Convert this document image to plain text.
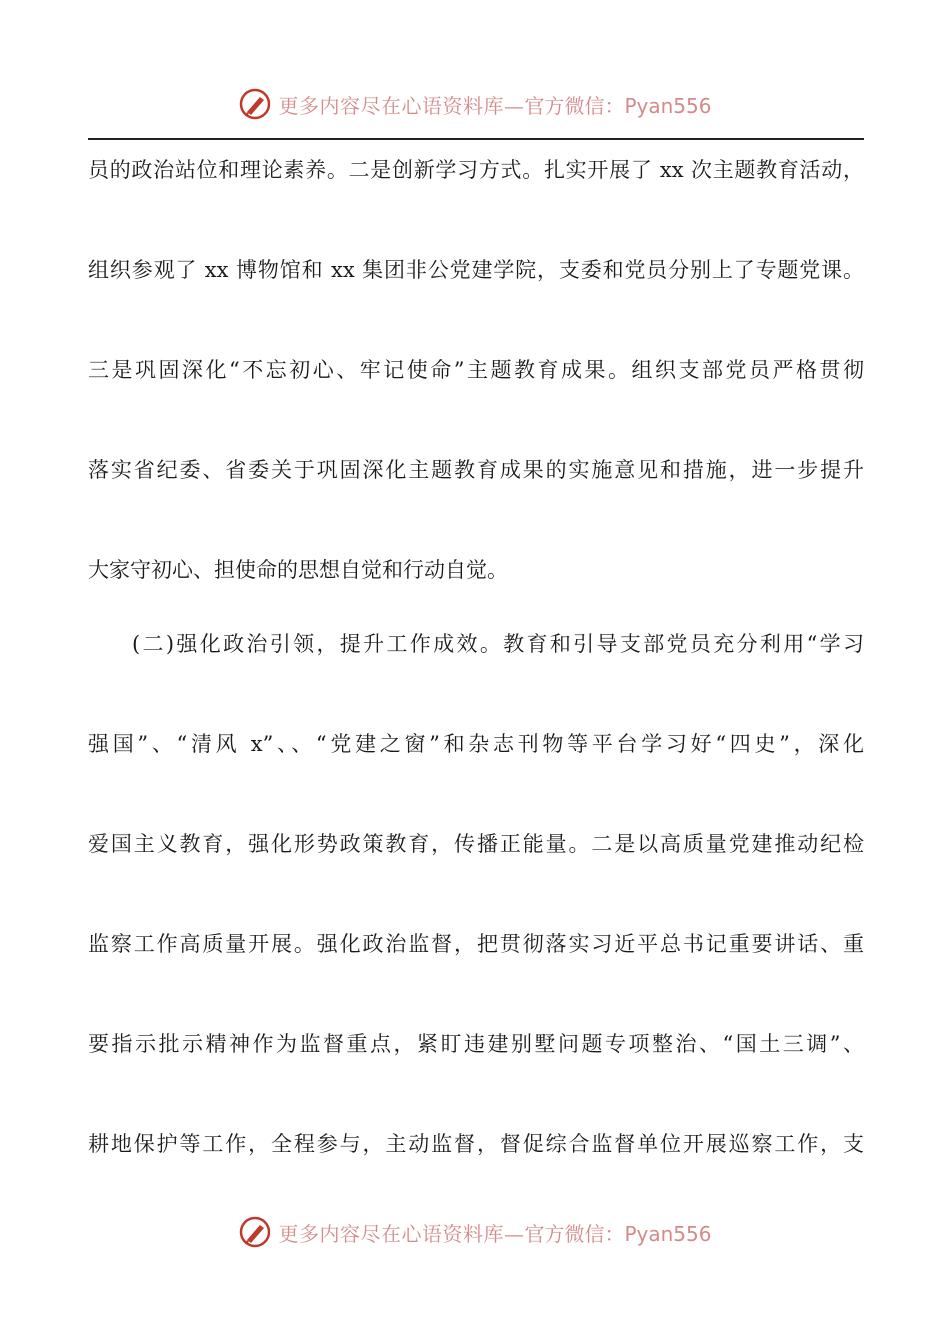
更多内容尽在心语资料库— 官方微信：Pyan556
员的政治站位和理论素养。二是创新学习方式。扎实开展了 xx 次主题教育活动，
组织参观了 xx 博物馆和 xx 集团非公党建学院，支委和党员分别上了专题党课。
三是巩固深化“不忘初心、牢记使命”主题教育成果。组织支部党员严格贯彻
落实省纪委、省委关于巩固深化主题教育成果的实施意见和措施，进一步提升
大家守初心、担使命的思想自觉和行动自觉。
(二)强化政治引领，提升工作成效。教育和引导支部党员充分利用“学习
强国”、“清风 x”、、“党建之窗”和杂志刊物等平台学习好“四史”，深化
爱国主义教育，强化形势政策教育，传播正能量。二是以高质量党建推动纪检
监察工作高质量开展。强化政治监督，把贯彻落实习近平总书记重要讲话、重
要指示批示精神作为监督重点，紧盯违建别墅问题专项整治、“国土三调”、
耕地保护等工作，全程参与，主动监督，督促综合监督单位开展巡察工作，支
更多内容尽在心语资料库— 官方微信：Pyan556
